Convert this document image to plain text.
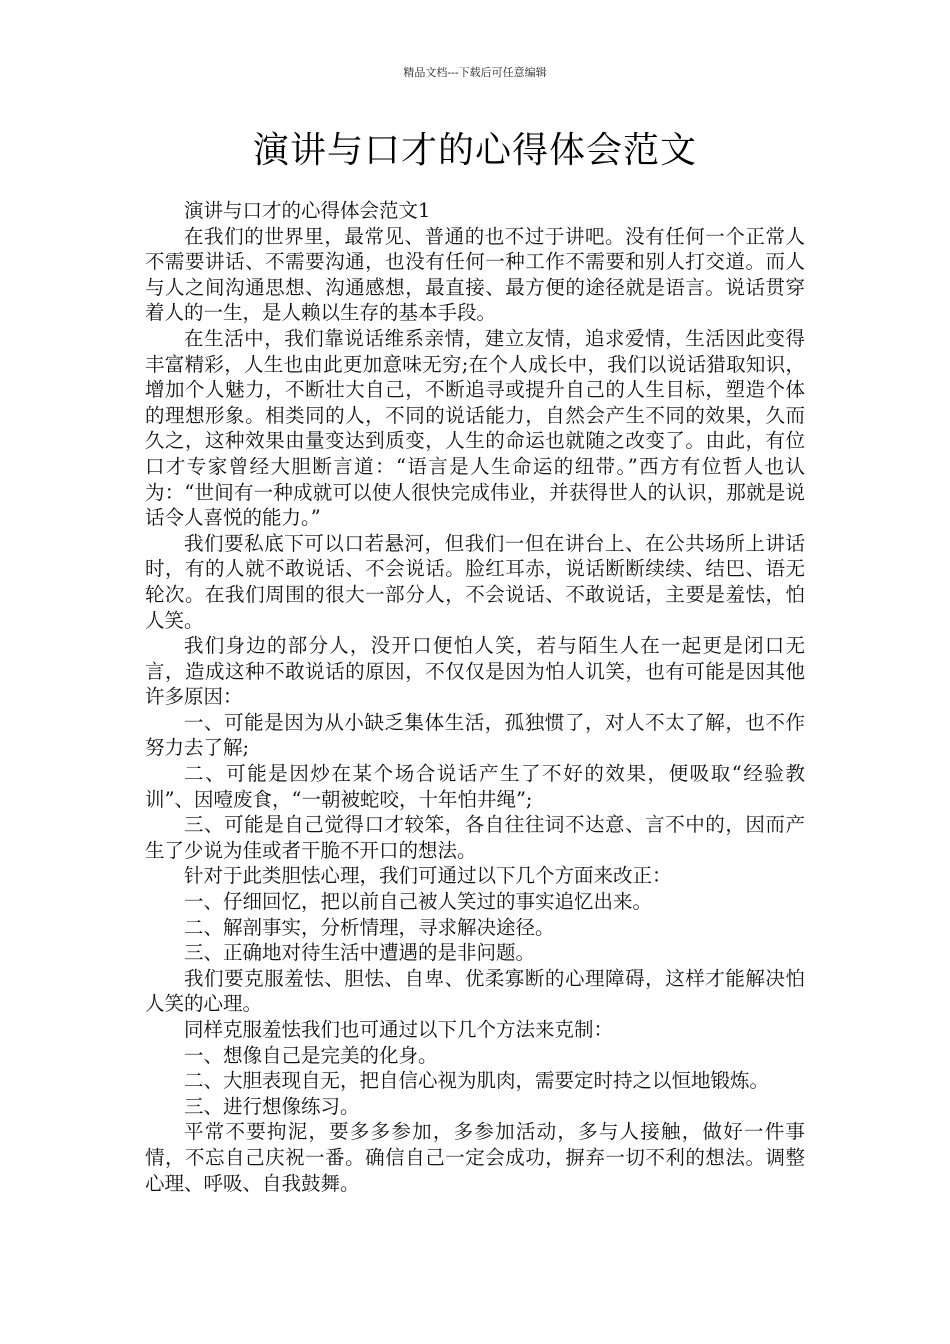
精品文档---下载后可任意编辑
演讲与口才的心得体会范文

演讲与口才的心得体会范文1

在我们的世界里，最常见、普通的也不过于讲吧。没有任何一个正常人不需要讲话、不需要沟通，也没有任何一种工作不需要和别人打交道。而人与人之间沟通思想、沟通感想，最直接、最方便的途径就是语言。说话贯穿着人的一生，是人赖以生存的基本手段。

在生活中，我们靠说话维系亲情，建立友情，追求爱情，生活因此变得丰富精彩，人生也由此更加意味无穷;在个人成长中，我们以说话猎取知识，增加个人魅力，不断壮大自己，不断追寻或提升自己的人生目标，塑造个体的理想形象。相类同的人，不同的说话能力，自然会产生不同的效果，久而久之，这种效果由量变达到质变，人生的命运也就随之改变了。由此，有位口才专家曾经大胆断言道：“语言是人生命运的纽带。”西方有位哲人也认为：“世间有一种成就可以使人很快完成伟业，并获得世人的认识，那就是说话令人喜悦的能力。”

我们要私底下可以口若悬河，但我们一但在讲台上、在公共场所上讲话时，有的人就不敢说话、不会说话。脸红耳赤，说话断断续续、结巴、语无轮次。在我们周围的很大一部分人，不会说话、不敢说话，主要是羞怯，怕人笑。

我们身边的部分人，没开口便怕人笑，若与陌生人在一起更是闭口无言，造成这种不敢说话的原因，不仅仅是因为怕人讥笑，也有可能是因其他许多原因：

一、可能是因为从小缺乏集体生活，孤独惯了，对人不太了解，也不作努力去了解;

二、可能是因炒在某个场合说话产生了不好的效果，便吸取“经验教训”、因噎废食，“一朝被蛇咬，十年怕井绳”;

三、可能是自己觉得口才较笨，各自往往词不达意、言不中的，因而产生了少说为佳或者干脆不开口的想法。

针对于此类胆怯心理，我们可通过以下几个方面来改正：

一、仔细回忆，把以前自己被人笑过的事实追忆出来。

二、解剖事实，分析情理，寻求解决途径。

三、正确地对待生活中遭遇的是非问题。

我们要克服羞怯、胆怯、自卑、优柔寡断的心理障碍，这样才能解决怕人笑的心理。

同样克服羞怯我们也可通过以下几个方法来克制：

一、想像自己是完美的化身。

二、大胆表现自无，把自信心视为肌肉，需要定时持之以恒地锻炼。

三、进行想像练习。

平常不要拘泥，要多多参加，多参加活动，多与人接触，做好一件事情，不忘自己庆祝一番。确信自己一定会成功，摒弃一切不利的想法。调整心理、呼吸、自我鼓舞。
